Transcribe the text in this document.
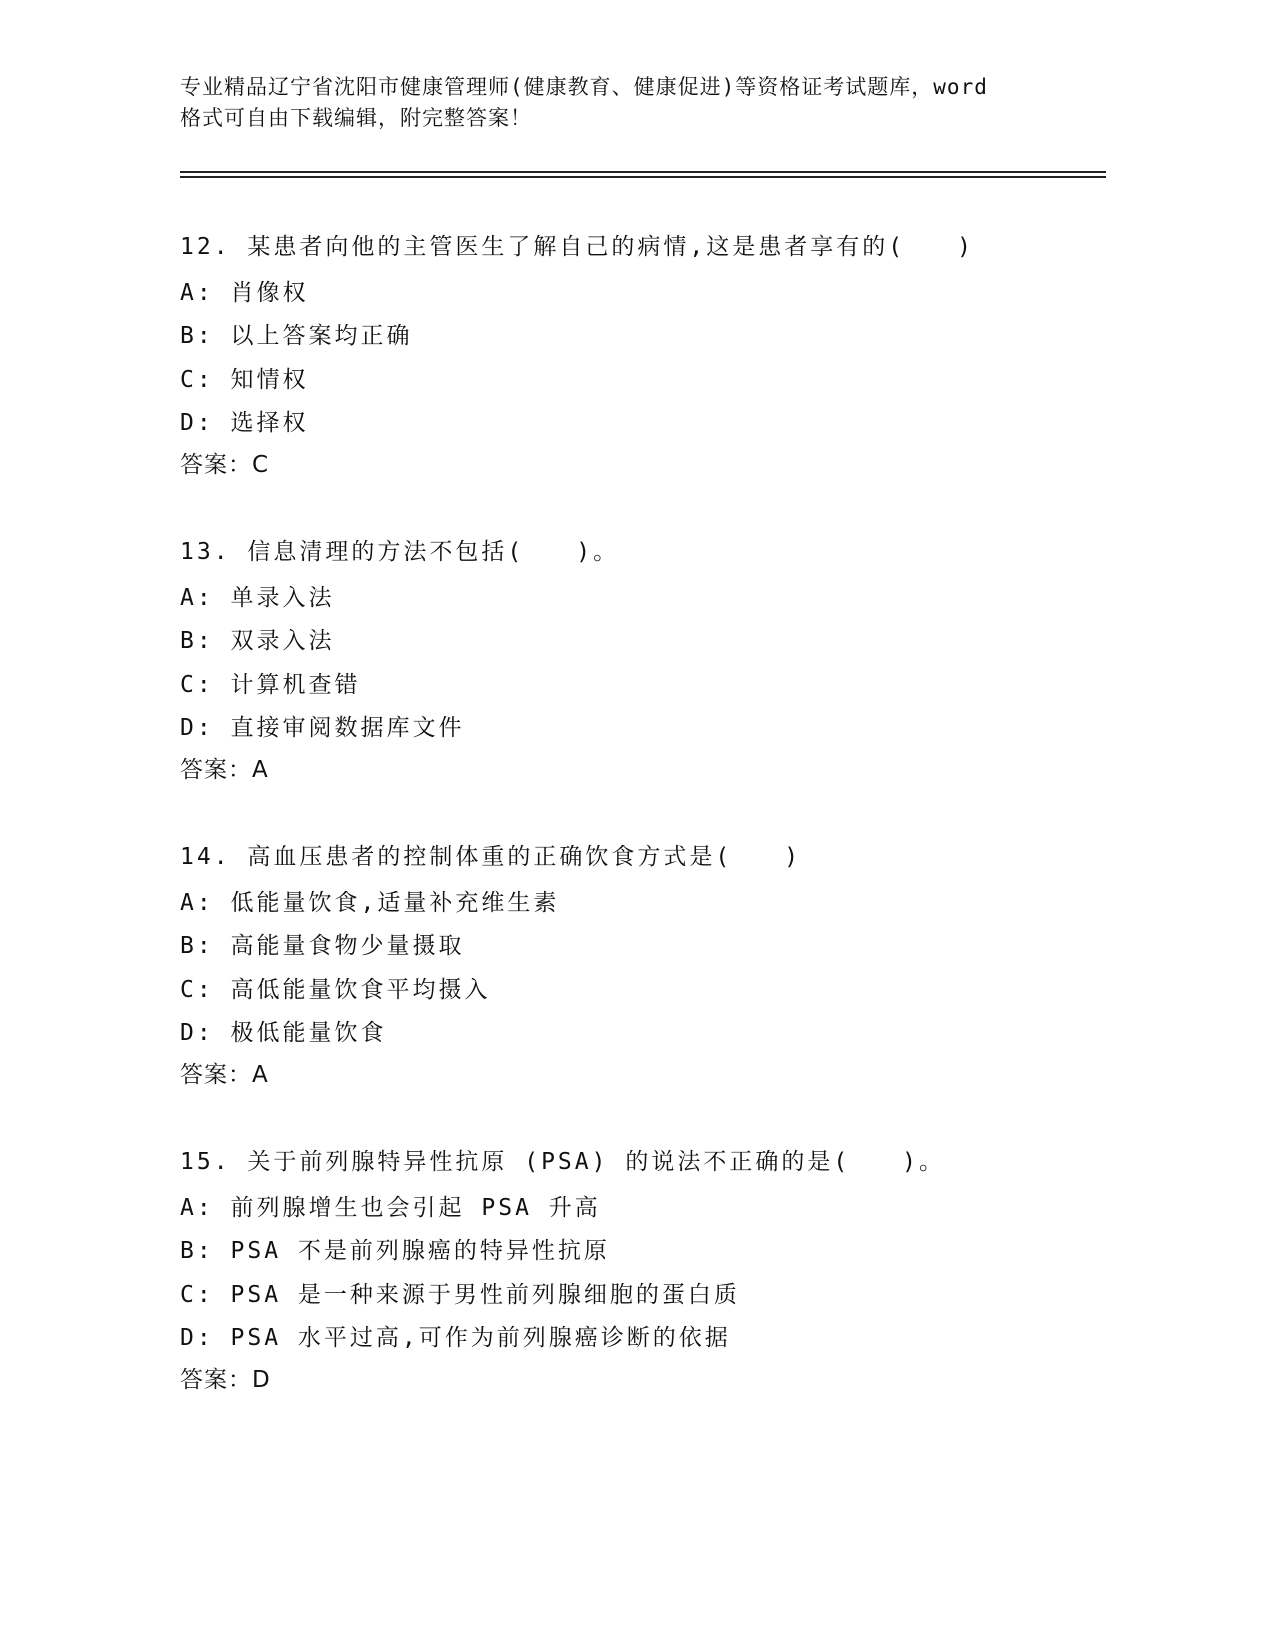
专业精品辽宁省沈阳市健康管理师(健康教育、健康促进)等资格证考试题库，word
格式可自由下载编辑，附完整答案！
12. 某患者向他的主管医生了解自己的病情,这是患者享有的(　　)
A: 肖像权
B: 以上答案均正确
C: 知情权
D: 选择权
答案：C
13. 信息清理的方法不包括(　　)。
A: 单录入法
B: 双录入法
C: 计算机查错
D: 直接审阅数据库文件
答案：A
14. 高血压患者的控制体重的正确饮食方式是(　　)
A: 低能量饮食,适量补充维生素
B: 高能量食物少量摄取
C: 高低能量饮食平均摄入
D: 极低能量饮食
答案：A
15. 关于前列腺特异性抗原 (PSA) 的说法不正确的是(　　)。
A: 前列腺增生也会引起 PSA 升高
B: PSA 不是前列腺癌的特异性抗原
C: PSA 是一种来源于男性前列腺细胞的蛋白质
D: PSA 水平过高,可作为前列腺癌诊断的依据
答案：D
